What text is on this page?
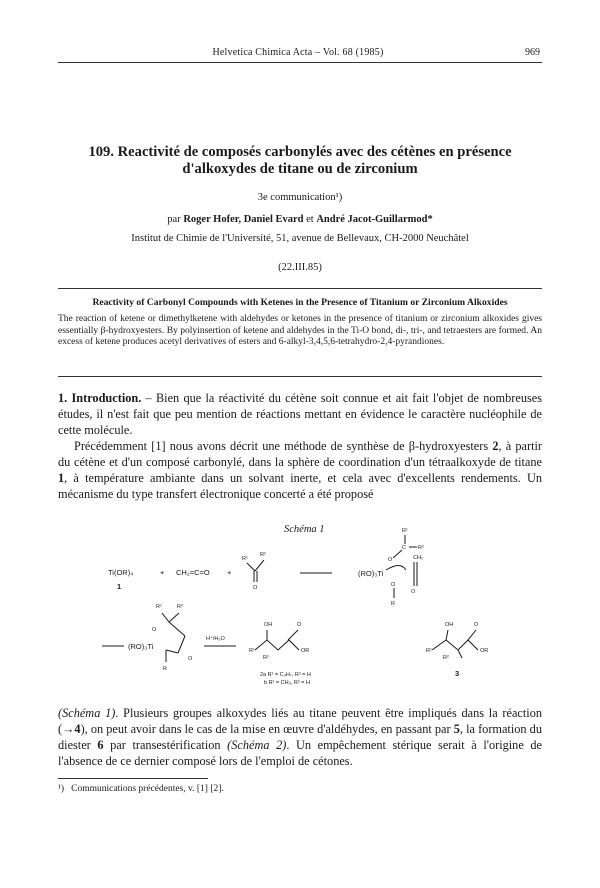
Helvetica Chimica Acta – Vol. 68 (1985)	969
109. Reactivité de composés carbonylés avec des cétènes en présence
d'alkoxydes de titane ou de zirconium
3e communication¹)
par Roger Hofer, Daniel Evard et André Jacot-Guillarmod*
Institut de Chimie de l'Université, 51, avenue de Bellevaux, CH-2000 Neuchâtel
(22.III.85)
Reactivity of Carbonyl Compounds with Ketenes in the Presence of Titanium or Zirconium Alkoxides
The reaction of ketene or dimethylketene with aldehydes or ketones in the presence of titanium or zirconium alkoxides gives essentially β-hydroxyesters. By polyinsertion of ketene and aldehydes in the Ti-O bond, di-, tri-, and tetraesters are formed. An excess of ketene produces acetyl derivatives of esters and 6-alkyl-3,4,5,6-tetrahydro-2,4-pyrandiones.
1. Introduction. – Bien que la réactivité du cétène soit connue et ait fait l'objet de nombreuses études, il n'est fait que peu mention de réactions mettant en évidence le caractère nucléophile de cette molécule.
Précédemment [1] nous avons décrit une méthode de synthèse de β-hydroxyesters 2, à partir du cétène et d'un composé carbonylé, dans la sphère de coordination d'un tétraalkoxyde de titane 1, à température ambiante dans un solvant inerte, et cela avec d'excellents rendements. Un mécanisme du type transfert électronique concerté a été proposé
Schéma 1
Ti(OR)₄
1
+ CH₂=C=O +
R¹
R²
O
R¹
C R²
CH₂
O
(RO)₃Ti
O
O
R
R¹	R²
O
(RO)₃Ti
O
R
H⁺/H₂O
OH	O
R¹	OR
R²
2a R¹ = C₃H₇, R² = H
b R¹ = CH₃, R² = H
OH	O
R¹	OR
R²
3
(Schéma 1). Plusieurs groupes alkoxydes liés au titane peuvent être impliqués dans la réaction (→4), on peut avoir dans le cas de la mise en œuvre d'aldéhydes, en passant par 5, la formation du diester 6 par transestérification (Schéma 2). Un empêchement stérique serait à l'origine de l'absence de ce dernier composé lors de l'emploi de cétones.
¹) Communications précédentes, v. [1] [2].
